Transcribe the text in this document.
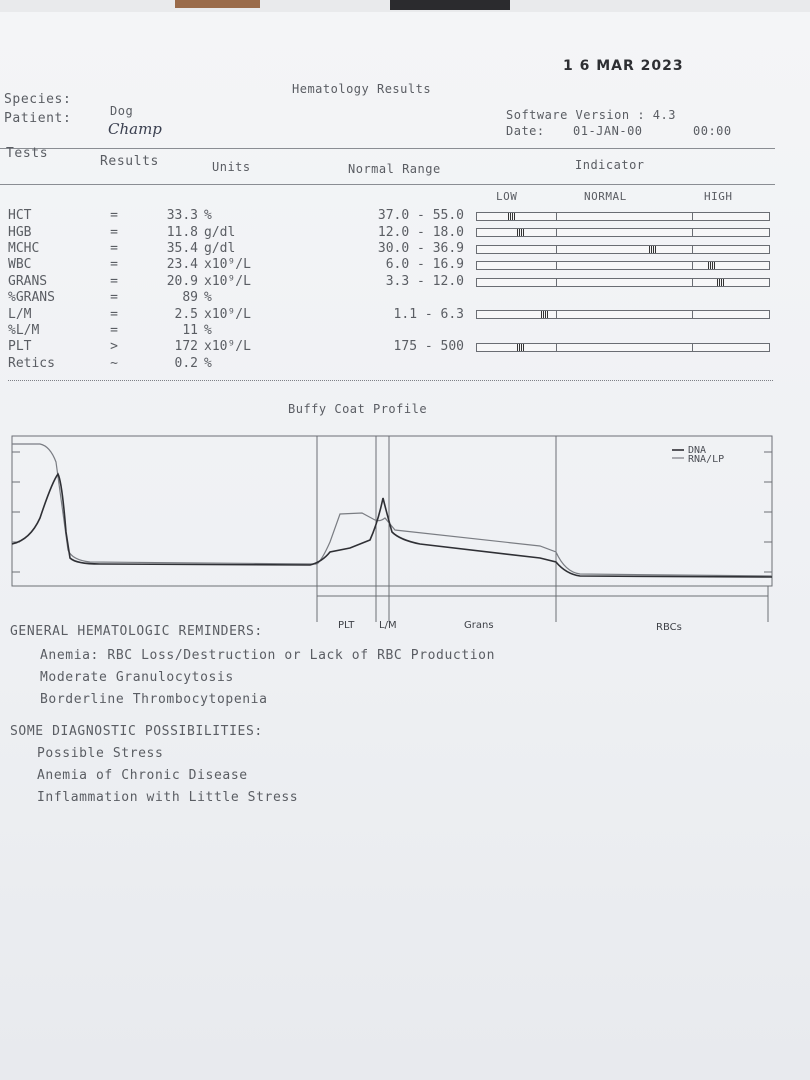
1 6 MAR 2023
Hematology Results
Species:
Dog
Patient:
Champ
Software Version : 4.3
Date: 01-JAN-00	00:00
Tests
Results	Units	Normal Range	Indicator
LOW	NORMAL	HIGH
HCT	=	33.3	%	37.0 - 55.0
HGB	=	11.8	g/dl	12.0 - 18.0
MCHC	=	35.4	g/dl	30.0 - 36.9
WBC	=	23.4	x10⁹/L	6.0 - 16.9
GRANS	=	20.9	x10⁹/L	3.3 - 12.0
%GRANS	=	89	%	
L/M	=	2.5	x10⁹/L	1.1 - 6.3
%L/M	=	11	%	
PLT	>	172	x10⁹/L	175 - 500
Retics	~	0.2	%	
Buffy Coat Profile
DNA
RNA/LP
PLT L/M	Grans	RBCs
GENERAL HEMATOLOGIC REMINDERS:
Anemia: RBC Loss/Destruction or Lack of RBC Production
Moderate Granulocytosis
Borderline Thrombocytopenia
SOME DIAGNOSTIC POSSIBILITIES:
Possible Stress
Anemia of Chronic Disease
Inflammation with Little Stress
